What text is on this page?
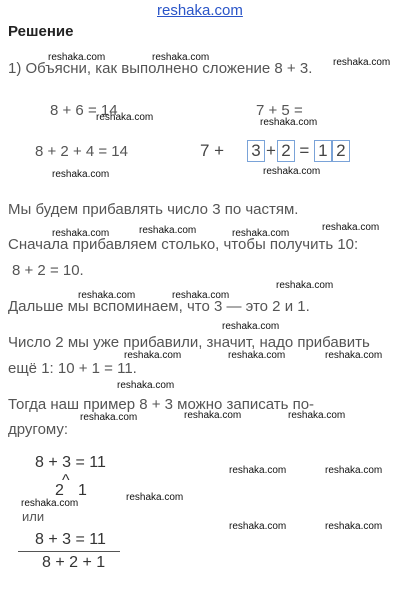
reshaka.com
Решение
reshaka.com	reshaka.com	reshaka.com
1) Объясни, как выполнено сложение 8 + 3.
8 + 6 = 14	7 + 5 =
reshaka.com	reshaka.com
8 + 2 + 4 = 14	7 + 3 + 2 = 1 2
reshaka.com	reshaka.com
Мы будем прибавлять число 3 по частям.
reshaka.com
reshaka.com	reshaka.com
reshaka.com
Сначала прибавляем столько, чтобы получить 10:
8 + 2 = 10.
reshaka.com
reshaka.com	reshaka.com
Дальше мы вспоминаем, что 3 — это 2 и 1.
reshaka.com
Число 2 мы уже прибавили, значит, надо прибавить
reshaka.com	reshaka.com	reshaka.com
ещё 1: 10 + 1 = 11.
reshaka.com
Тогда наш пример 8 + 3 можно записать по-
reshaka.com	reshaka.com	reshaka.com
другому:
8 + 3 = 11
^
2 1
reshaka.com	reshaka.com
reshaka.com
reshaka.com
или
reshaka.com	reshaka.com
8 + 3 = 11
8 + 2 + 1
